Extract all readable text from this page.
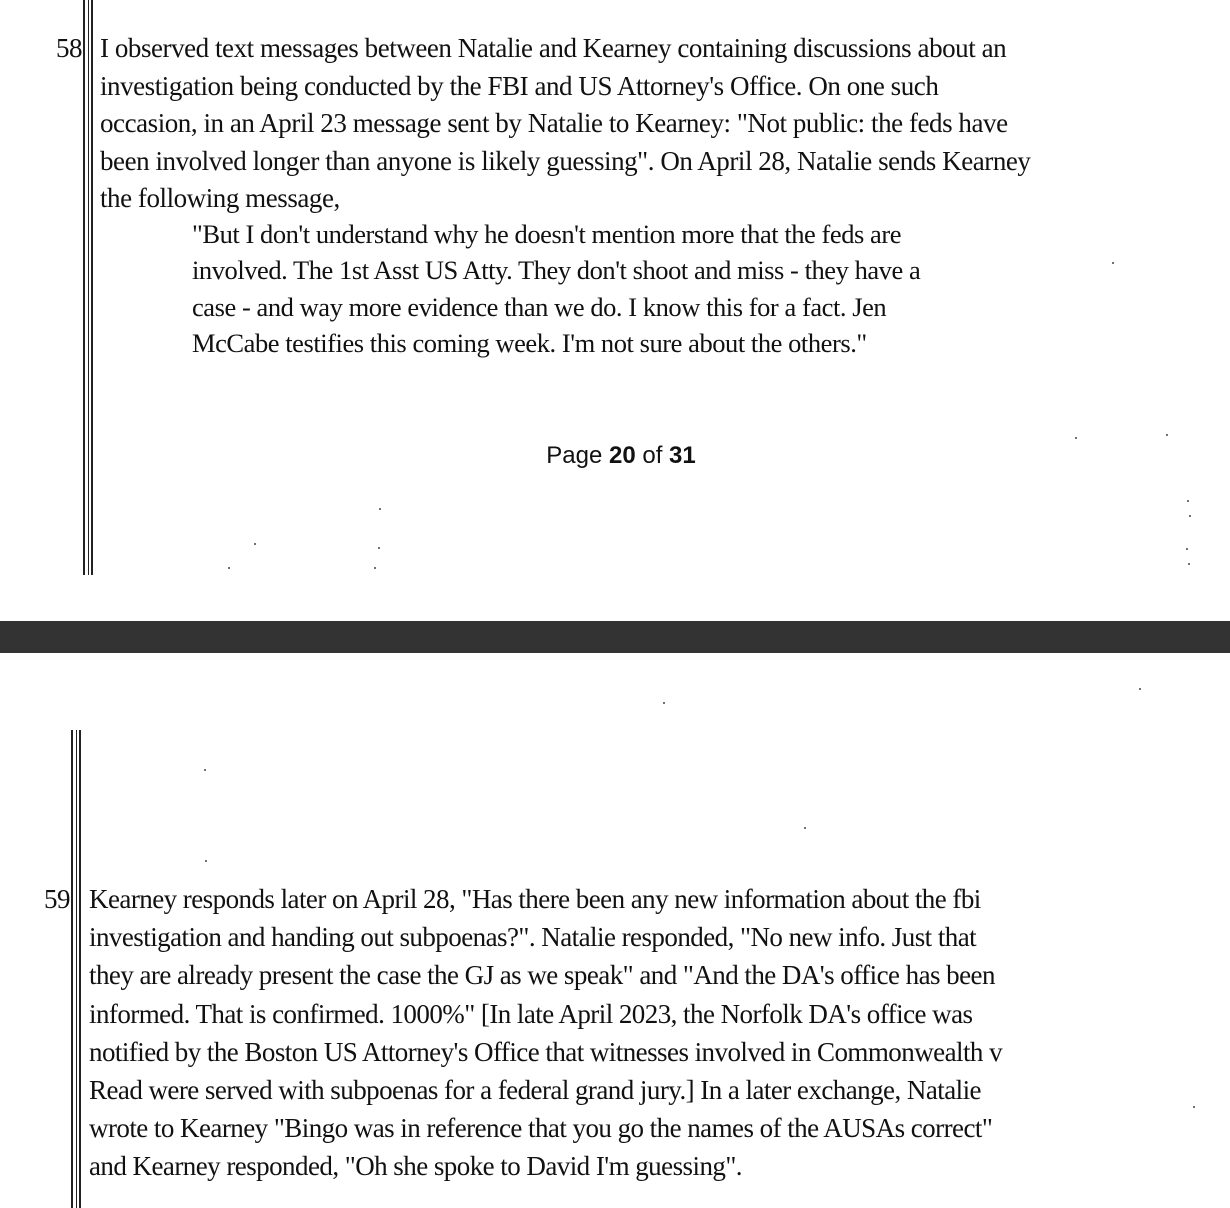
58 I observed text messages between Natalie and Kearney containing discussions about an
investigation being conducted by the FBI and US Attorney's Office. On one such
occasion, in an April 23 message sent by Natalie to Kearney: "Not public: the feds have
been involved longer than anyone is likely guessing". On April 28, Natalie sends Kearney
the following message,

"But I don't understand why he doesn't mention more that the feds are
involved. The 1st Asst US Atty. They don't shoot and miss - they have a
case - and way more evidence than we do. I know this for a fact. Jen
McCabe testifies this coming week. I'm not sure about the others."

Page 20 of 31
59 Kearney responds later on April 28, "Has there been any new information about the fbi
investigation and handing out subpoenas?". Natalie responded, "No new info. Just that
they are already present the case the GJ as we speak" and "And the DA's office has been
informed. That is confirmed. 1000%" [In late April 2023, the Norfolk DA's office was
notified by the Boston US Attorney's Office that witnesses involved in Commonwealth v
Read were served with subpoenas for a federal grand jury.] In a later exchange, Natalie
wrote to Kearney "Bingo was in reference that you go the names of the AUSAs correct"
and Kearney responded, "Oh she spoke to David I'm guessing".
